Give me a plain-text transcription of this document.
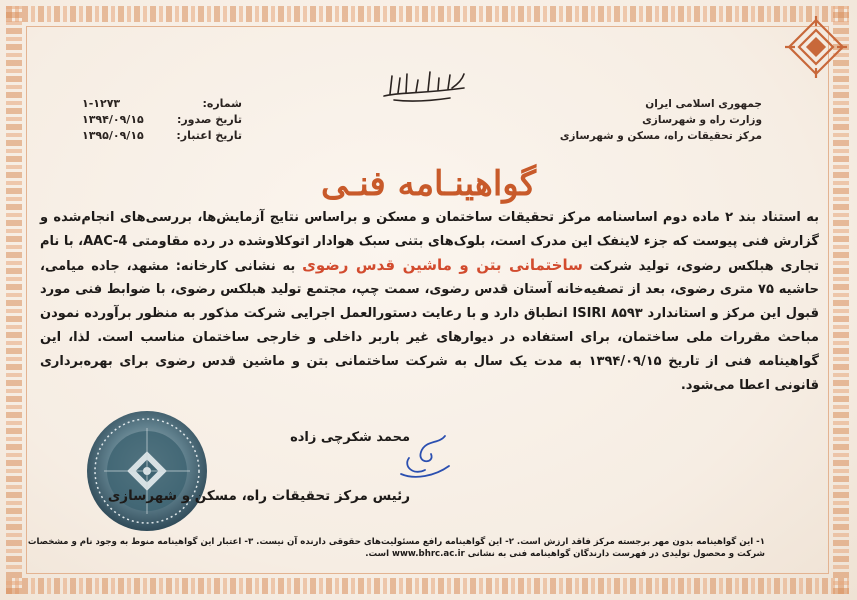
جمهوری اسلامی ایران
وزارت راه و شهرسازی
مرکز تحقیقات راه، مسکن و شهرسازی
شماره:
۱-۱۲۷۳
تاریخ صدور:
۱۳۹۴/۰۹/۱۵
تاریخ اعتبار:
۱۳۹۵/۰۹/۱۵
گواهینـامه فنـی
به استناد بند ۲ ماده دوم اساسنامه مرکز تحقیقات ساختمان و مسکن و براساس نتایج آزمایش‌ها، بررسی‌های انجام‌شده و گزارش فنی پیوست که جزء لاینفک این مدرک است، بلوک‌های بتنی سبک هوادار اتوکلاوشده در رده مقاومتی AAC-4، با نام تجاری هبلکس رضوی، تولید شرکت ساختمانی بتن و ماشین قدس رضوی به نشانی کارخانه: مشهد، جاده میامی، حاشیه ۷۵ متری رضوی، بعد از تصفیه‌خانه آستان قدس رضوی، سمت چپ، مجتمع تولید هبلکس رضوی، با ضوابط فنی مورد قبول این مرکز و استاندارد ISIRI ۸۵۹۳ انطباق دارد و با رعایت دستورالعمل اجرایی شرکت مذکور به منظور برآورده نمودن مباحث مقررات ملی ساختمان، برای استفاده در دیوارهای غیر باربر داخلی و خارجی ساختمان مناسب است. لذا، این گواهینامه فنی از تاریخ ۱۳۹۴/۰۹/۱۵ به مدت یک سال به شرکت ساختمانی بتن و ماشین قدس رضوی برای بهره‌برداری قانونی اعطا می‌شود.
محمد شکرچی زاده
رئیس مرکز تحقیقات راه، مسکن و شهرسازی
۱- این گواهینامه بدون مهر برجسته مرکز فاقد ارزش است. ۲- این گواهینامه رافع مسئولیت‌های حقوقی دارنده آن نیست. ۳- اعتبار این گواهینامه منوط به وجود نام و مشخصات
شرکت و محصول تولیدی در فهرست دارندگان گواهینامه فنی به نشانی www.bhrc.ac.ir است.
